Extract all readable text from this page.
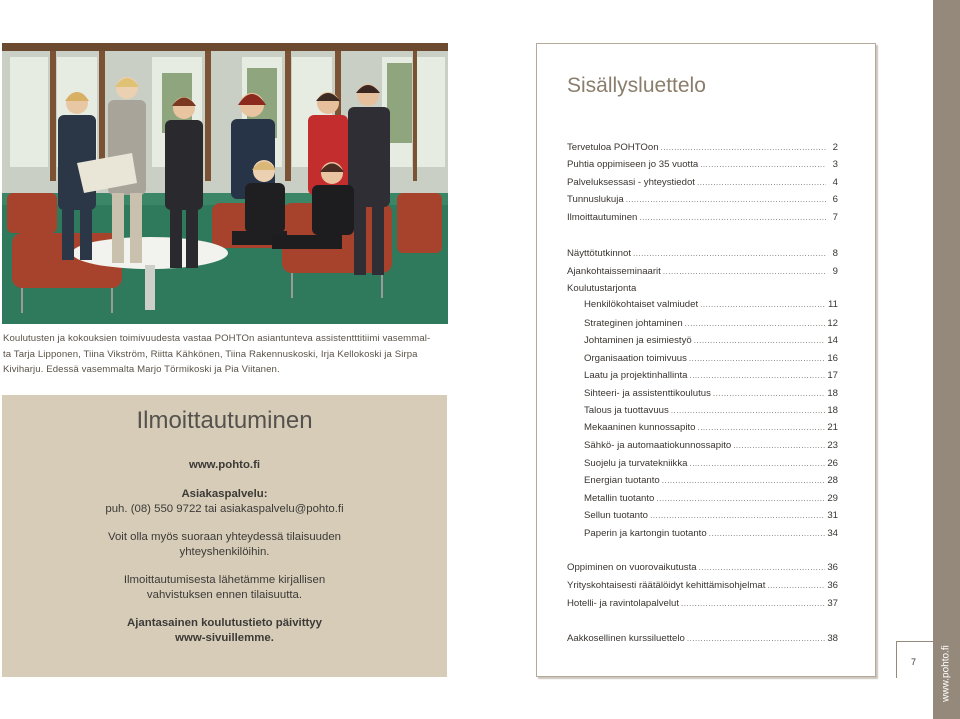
Koulutusten ja kokouksien toimivuudesta vastaa POHTOn asiantunteva assistentttitiimi vasemmal-
ta Tarja Lipponen, Tiina Vikström, Riitta Kähkönen, Tiina Rakennuskoski, Irja Kellokoski ja Sirpa
Kiviharju. Edessä vasemmalta Marjo Törmikoski ja Pia Viitanen.
Ilmoittautuminen
www.pohto.fi
Asiakaspalvelu:
puh. (08) 550 9722 tai asiakaspalvelu@pohto.fi
Voit olla myös suoraan yhteydessä tilaisuuden
yhteyshenkilöihin.
Ilmoittautumisesta lähetämme kirjallisen
vahvistuksen ennen tilaisuutta.
Ajantasainen koulutustieto päivittyy
www-sivuillemme.
Sisällysluettelo
Tervetuloa POHTOon .....	2
Puhtia oppimiseen jo 35 vuotta .....	3
Palveluksessasi - yhteystiedot .....	4
Tunnuslukuja .....	6
Ilmoittautuminen .....	7
Näyttötutkinnot .....	8
Ajankohtaisseminaarit .....	9
Koulutustarjonta
Henkilökohtaiset valmiudet .....	11
Strateginen johtaminen .....	12
Johtaminen ja esimiestyö .....	14
Organisaation toimivuus .....	16
Laatu ja projektinhallinta .....	17
Sihteeri- ja assistenttikoulutus .....	18
Talous ja tuottavuus .....	18
Mekaaninen kunnossapito .....	21
Sähkö- ja automaatiokunnossapito .....	23
Suojelu ja turvatekniikka .....	26
Energian tuotanto .....	28
Metallin tuotanto .....	29
Sellun tuotanto .....	31
Paperin ja kartongin tuotanto .....	34
Oppiminen on vuorovaikutusta .....	36
Yrityskohtaisesti räätälöidyt kehittämisohjelmat .....	36
Hotelli- ja ravintolapalvelut .....	37
Aakkosellinen kurssiluettelo .....	38
7 www.pohto.fi
